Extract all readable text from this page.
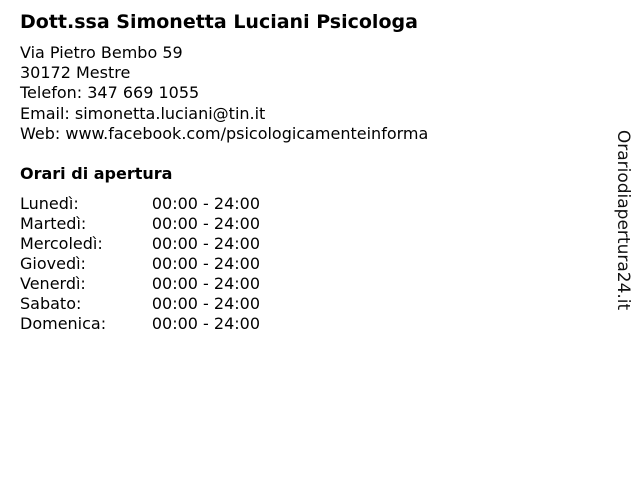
Dott.ssa Simonetta Luciani Psicologa
Via Pietro Bembo 59
30172 Mestre
Telefon: 347 669 1055
Email: simonetta.luciani@tin.it
Web: www.facebook.com/psicologicamenteinforma
Orari di apertura
Lunedì:	00:00 - 24:00
Martedì:	00:00 - 24:00
Mercoledì:	00:00 - 24:00
Giovedì:	00:00 - 24:00
Venerdì:	00:00 - 24:00
Sabato:	00:00 - 24:00
Domenica:	00:00 - 24:00
Orariodiapertura24.it
